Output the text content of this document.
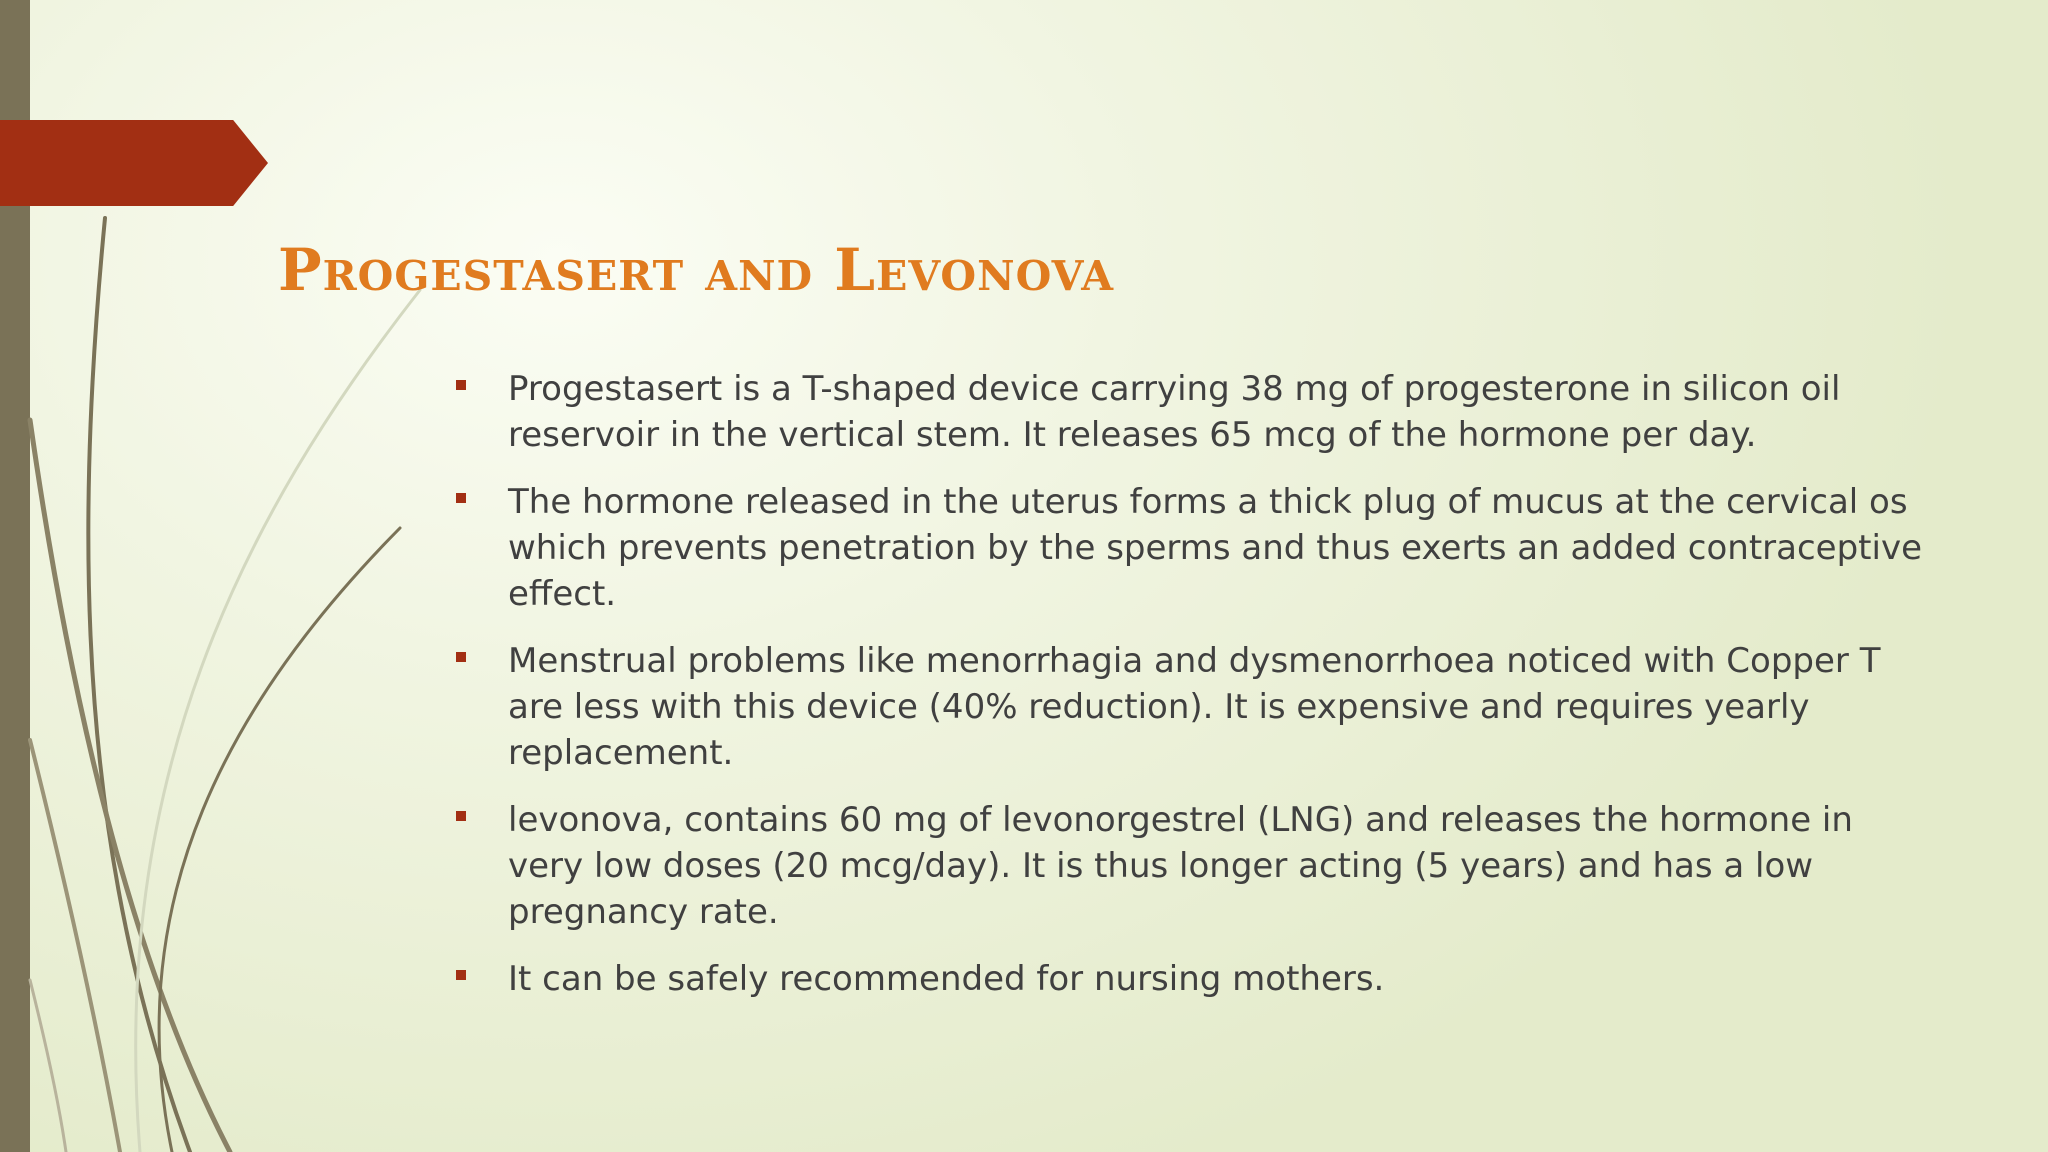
Progestasert and Levonova
Progestasert is a T-shaped device carrying 38 mg of progesterone in silicon oil reservoir in the vertical stem. It releases 65 mcg of the hormone per day.
The hormone released in the uterus forms a thick plug of mucus at the cervical os which prevents penetration by the sperms and thus exerts an added contraceptive effect.
Menstrual problems like menorrhagia and dysmenorrhoea noticed with Copper T are less with this device (40% reduction). It is expensive and requires yearly replacement.
levonova, contains 60 mg of levonorgestrel (LNG) and releases the hormone in very low doses (20 mcg/day). It is thus longer acting (5 years) and has a low pregnancy rate.
It can be safely recommended for nursing mothers.
